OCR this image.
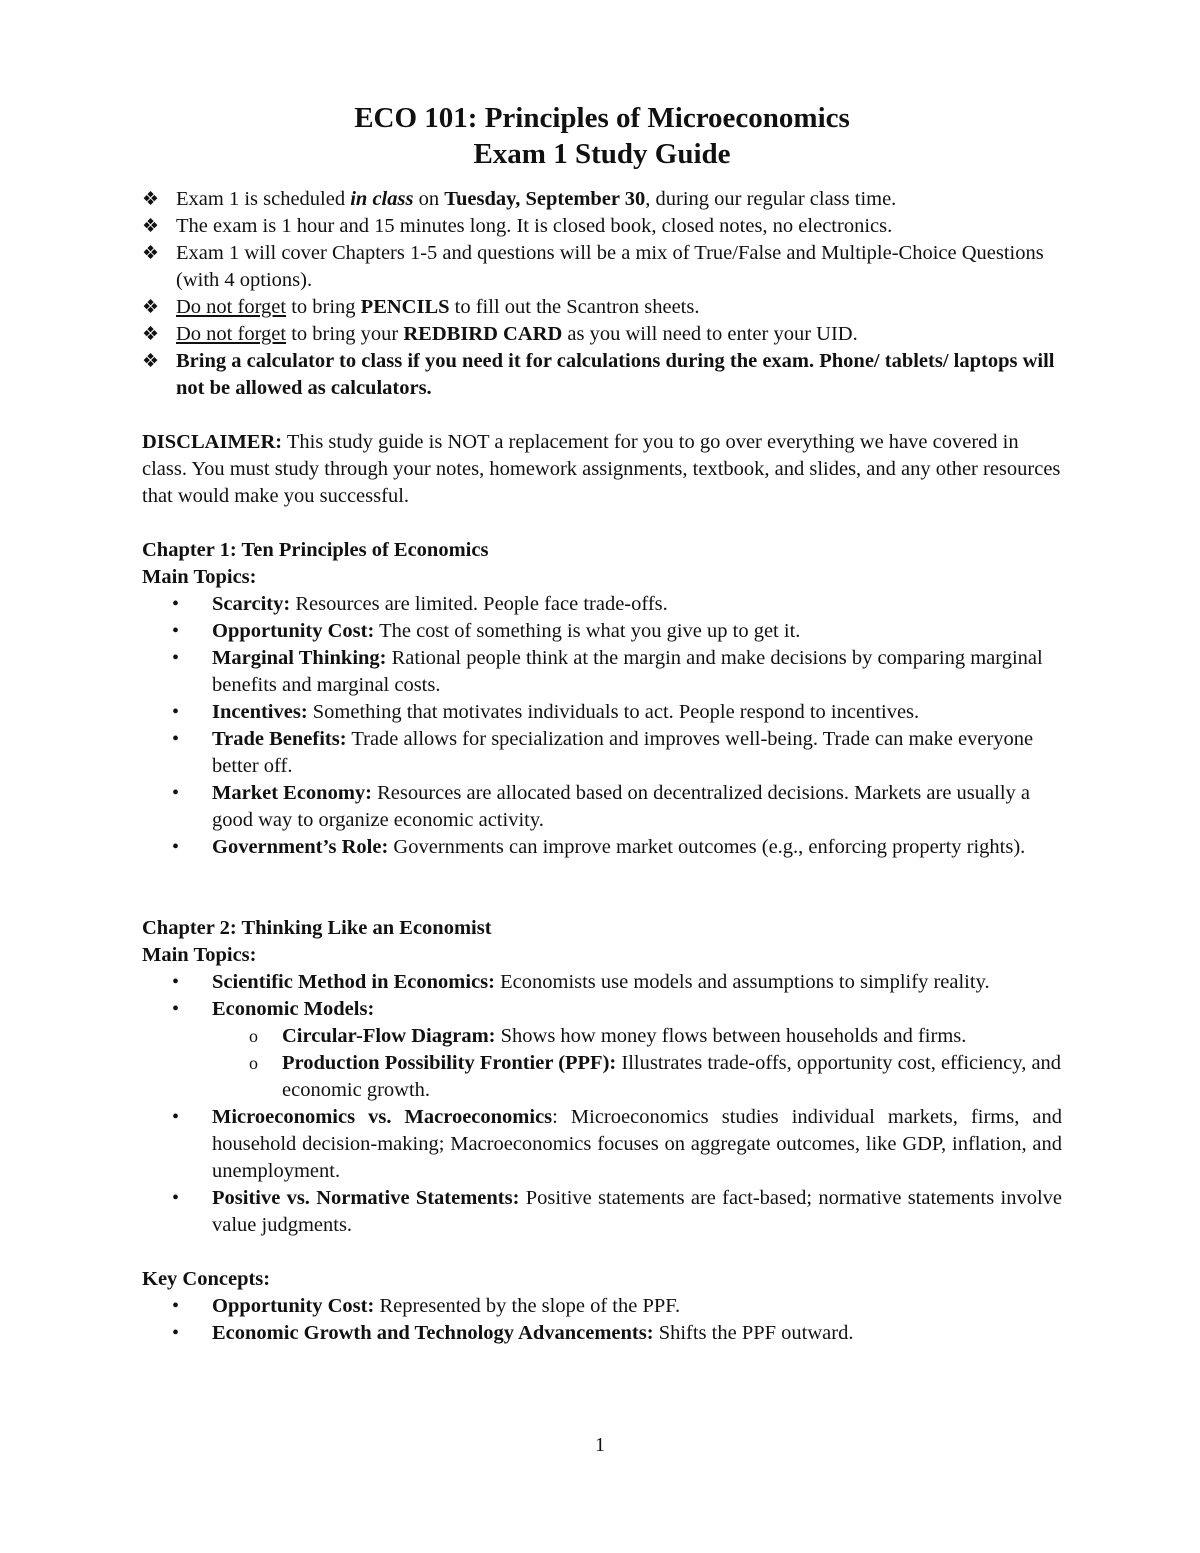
ECO 101: Principles of Microeconomics
Exam 1 Study Guide
❖ Exam 1 is scheduled in class on Tuesday, September 30, during our regular class time.
❖ The exam is 1 hour and 15 minutes long. It is closed book, closed notes, no electronics.
❖ Exam 1 will cover Chapters 1-5 and questions will be a mix of True/False and Multiple-Choice Questions (with 4 options).
❖ Do not forget to bring PENCILS to fill out the Scantron sheets.
❖ Do not forget to bring your REDBIRD CARD as you will need to enter your UID.
❖ Bring a calculator to class if you need it for calculations during the exam. Phone/ tablets/ laptops will not be allowed as calculators.
DISCLAIMER: This study guide is NOT a replacement for you to go over everything we have covered in class. You must study through your notes, homework assignments, textbook, and slides, and any other resources that would make you successful.
Chapter 1: Ten Principles of Economics
Main Topics:
• Scarcity: Resources are limited. People face trade-offs.
• Opportunity Cost: The cost of something is what you give up to get it.
• Marginal Thinking: Rational people think at the margin and make decisions by comparing marginal benefits and marginal costs.
• Incentives: Something that motivates individuals to act. People respond to incentives.
• Trade Benefits: Trade allows for specialization and improves well-being. Trade can make everyone better off.
• Market Economy: Resources are allocated based on decentralized decisions. Markets are usually a good way to organize economic activity.
• Government’s Role: Governments can improve market outcomes (e.g., enforcing property rights).
Chapter 2: Thinking Like an Economist
Main Topics:
• Scientific Method in Economics: Economists use models and assumptions to simplify reality.
• Economic Models:
o Circular-Flow Diagram: Shows how money flows between households and firms.
o Production Possibility Frontier (PPF): Illustrates trade-offs, opportunity cost, efficiency, and economic growth.
• Microeconomics vs. Macroeconomics: Microeconomics studies individual markets, firms, and household decision-making; Macroeconomics focuses on aggregate outcomes, like GDP, inflation, and unemployment.
• Positive vs. Normative Statements: Positive statements are fact-based; normative statements involve value judgments.
Key Concepts:
• Opportunity Cost: Represented by the slope of the PPF.
• Economic Growth and Technology Advancements: Shifts the PPF outward.
1
